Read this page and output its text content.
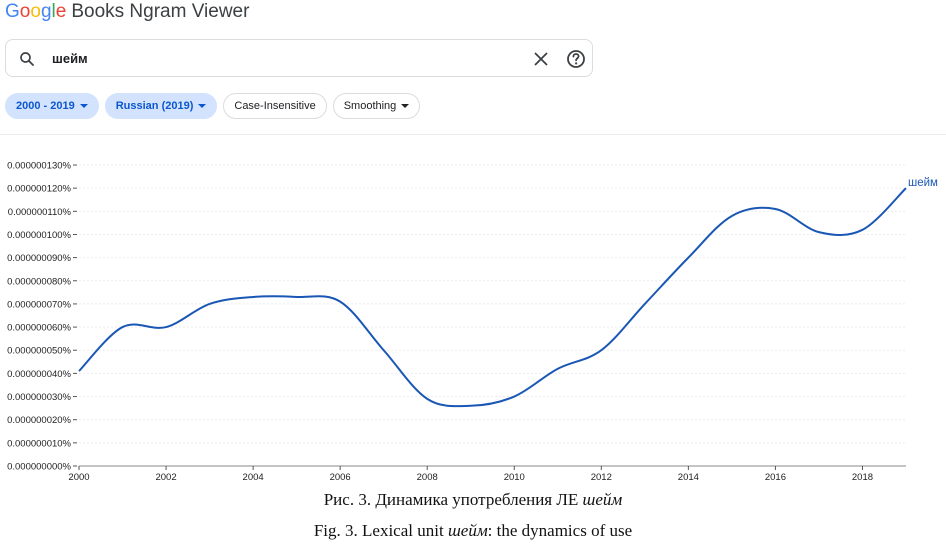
Google Books Ngram Viewer
шейм
2000 - 2019	Russian (2019)	Case-Insensitive	Smoothing
0.000000000%
0.000000010%
0.000000020%
0.000000030%
0.000000040%
0.000000050%
0.000000060%
0.000000070%
0.000000080%
0.000000090%
0.000000100%
0.000000110%
0.000000120%
0.000000130%
2000	2002	2004	2006	2008	2010	2012	2014	2016	2018
шейм
Рис. 3. Динамика употребления ЛЕ шейм
Fig. 3. Lexical unit шейм: the dynamics of use
